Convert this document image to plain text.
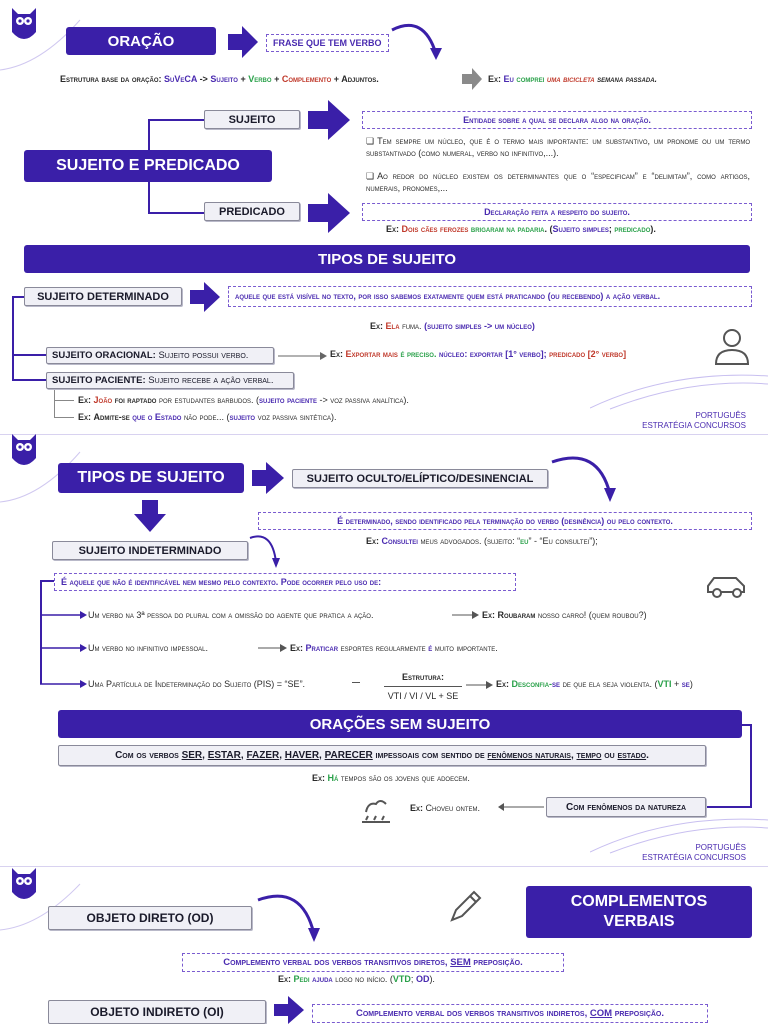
ORAÇÃO	FRASE QUE TEM VERBO
Estrutura base da oração: SuVeCA -> Sujeito + Verbo + Complemento + Adjuntos.	Ex: Eu comprei uma bicicleta semana passada.
SUJEITO E PREDICADO
SUJEITO
PREDICADO
Entidade sobre a qual se declara algo na oração.
❏ Tem sempre um núcleo, que é o termo mais importante: um substantivo, um pronome ou um termo substantivado (como numeral, verbo no infinitivo,...).
❏ Ao redor do núcleo existem os determinantes que o “especificam” e “delimitam”, como artigos, numerais, pronomes,...
Declaração feita a respeito do sujeito.
Ex: Dois cães ferozes brigaram na padaria. (Sujeito simples; predicado).
TIPOS DE SUJEITO
SUJEITO DETERMINADO	aquele que está visível no texto, por isso sabemos exatamente quem está praticando (ou recebendo) a ação verbal.
Ex: Ela fuma. (sujeito simples -> um núcleo)
SUJEITO ORACIONAL:
Sujeito possui verbo.	Ex: Exportar mais é preciso. núcleo: exportar [1° verbo]; predicado [2° verbo]
SUJEITO PACIENTE:
Sujeito recebe a ação verbal.
Ex: João foi raptado por estudantes barbudos. (sujeito paciente -> voz passiva analítica).
Ex: Admite-se que o Estado não pode... (sujeito voz passiva sintética).	PORTUGUÊS
ESTRATÉGIA CONCURSOS
TIPOS DE SUJEITO	SUJEITO OCULTO/ELÍPTICO/DESINENCIAL
É determinado, sendo identificado pela terminação do verbo (desinência) ou pelo contexto.
Ex: Consultei meus advogados. (sujeito: “eu” - “Eu consultei”);
SUJEITO INDETERMINADO
É aquele que não é identificável nem mesmo pelo contexto. Pode ocorrer pelo uso de:
Um verbo na 3ª pessoa do plural com a omissão do agente que pratica a ação.	Ex: Roubaram nosso carro! (quem roubou?)
Um verbo no infinitivo impessoal.	Ex: Praticar esportes regularmente é muito importante.
Uma Partícula de Indeterminação do Sujeito (PIS) = “SE”.
Estrutura:
VTI / VI / VL + SE
Ex: Desconfia-se de que ela seja violenta. (VTI + se)
ORAÇÕES SEM SUJEITO
Com os verbos SER, ESTAR, FAZER, HAVER, PARECER impessoais com sentido de fenômenos naturais, tempo ou estado.
Ex: Há tempos são os jovens que adoecem.
Ex: Choveu ontem.	Com fenômenos da natureza
PORTUGUÊS
ESTRATÉGIA CONCURSOS
OBJETO DIRETO (OD)
COMPLEMENTOS VERBAIS
Complemento verbal dos verbos transitivos diretos, SEM preposição.
Ex: Pedi ajuda logo no início. (VTD; OD).
OBJETO INDIRETO (OI)	Complemento verbal dos verbos transitivos indiretos, COM preposição.
